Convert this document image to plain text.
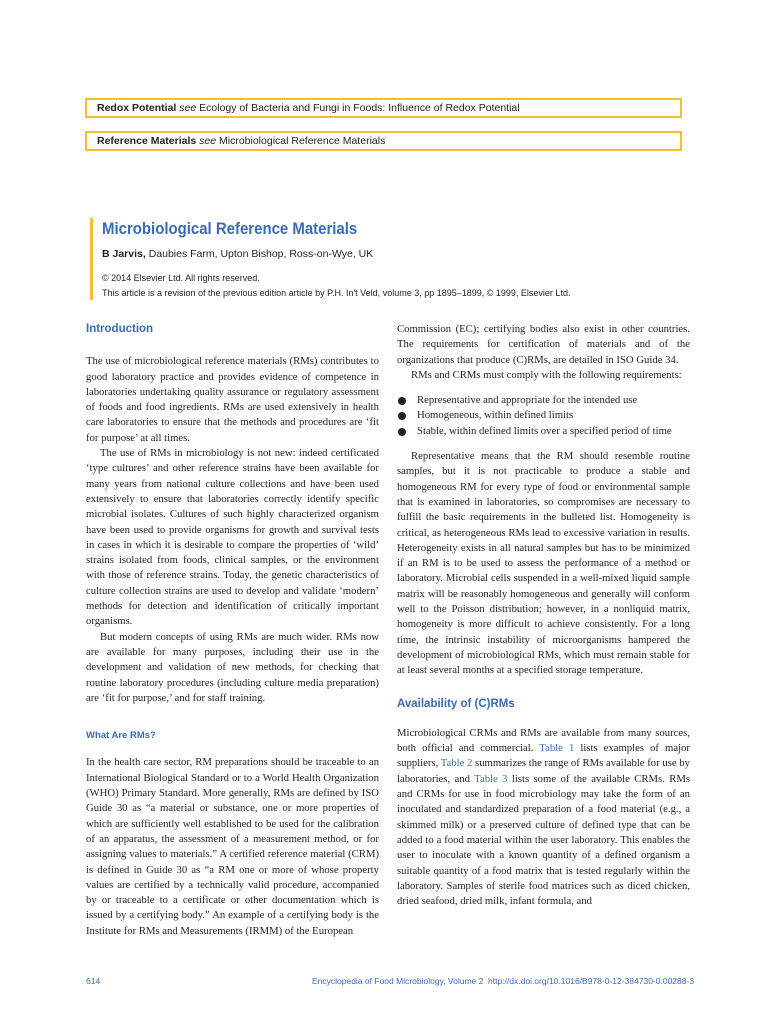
Redox Potential see Ecology of Bacteria and Fungi in Foods: Influence of Redox Potential
Reference Materials see Microbiological Reference Materials
Microbiological Reference Materials
B Jarvis, Daubies Farm, Upton Bishop, Ross-on-Wye, UK
© 2014 Elsevier Ltd. All rights reserved.
This article is a revision of the previous edition article by P.H. In't Veld, volume 3, pp 1895–1899, © 1999, Elsevier Ltd.
Introduction

The use of microbiological reference materials (RMs) contributes to good laboratory practice and provides evidence of competence in laboratories undertaking quality assurance or regulatory assessment of foods and food ingredients. RMs are used extensively in health care laboratories to ensure that the methods and procedures are ‘fit for purpose’ at all times.

The use of RMs in microbiology is not new: indeed certificated ‘type cultures’ and other reference strains have been available for many years from national culture collections and have been used extensively to ensure that laboratories correctly identify specific microbial isolates. Cultures of such highly characterized organism have been used to provide organisms for growth and survival tests in cases in which it is desirable to compare the properties of ‘wild’ strains isolated from foods, clinical samples, or the environment with those of reference strains. Today, the genetic characteristics of culture collection strains are used to develop and validate ‘modern’ methods for detection and identification of critically important organisms.

But modern concepts of using RMs are much wider. RMs now are available for many purposes, including their use in the development and validation of new methods, for checking that routine laboratory procedures (including culture media preparation) are ‘fit for purpose,’ and for staff training.

What Are RMs?

In the health care sector, RM preparations should be traceable to an International Biological Standard or to a World Health Organization (WHO) Primary Standard. More generally, RMs are defined by ISO Guide 30 as “a material or substance, one or more properties of which are sufficiently well established to be used for the calibration of an apparatus, the assessment of a measurement method, or for assigning values to materials.” A certified reference material (CRM) is defined in Guide 30 as “a RM one or more of whose property values are certified by a technically valid procedure, accompanied by or traceable to a certificate or other documentation which is issued by a certifying body.” An example of a certifying body is the Institute for RMs and Measurements (IRMM) of the European

Commission (EC); certifying bodies also exist in other countries. The requirements for certification of materials and of the organizations that produce (C)RMs, are detailed in ISO Guide 34.

RMs and CRMs must comply with the following requirements:

Representative and appropriate for the intended use
Homogeneous, within defined limits
Stable, within defined limits over a specified period of time

Representative means that the RM should resemble routine samples, but it is not practicable to produce a stable and homogeneous RM for every type of food or environmental sample that is examined in laboratories, so compromises are necessary to fulfill the basic requirements in the bulleted list. Homogeneity is critical, as heterogeneous RMs lead to excessive variation in results. Heterogeneity exists in all natural samples but has to be minimized if an RM is to be used to assess the performance of a method or laboratory. Microbial cells suspended in a well-mixed liquid sample matrix will be reasonably homogeneous and generally will conform well to the Poisson distribution; however, in a nonliquid matrix, homogeneity is more difficult to achieve consistently. For a long time, the intrinsic instability of microorganisms hampered the development of microbiological RMs, which must remain stable for at least several months at a specified storage temperature.

Availability of (C)RMs

Microbiological CRMs and RMs are available from many sources, both official and commercial. Table 1 lists examples of major suppliers, Table 2 summarizes the range of RMs available for use by laboratories, and Table 3 lists some of the available CRMs. RMs and CRMs for use in food microbiology may take the form of an inoculated and standardized preparation of a food material (e.g., a skimmed milk) or a preserved culture of defined type that can be added to a food material within the user laboratory. This enables the user to inoculate with a known quantity of a defined organism a suitable quantity of a food matrix that is tested regularly within the laboratory. Samples of sterile food matrices such as diced chicken, dried seafood, dried milk, infant formula, and

614	Encyclopedia of Food Microbiology, Volume 2 http://dx.doi.org/10.1016/B978-0-12-384730-0.00288-3
